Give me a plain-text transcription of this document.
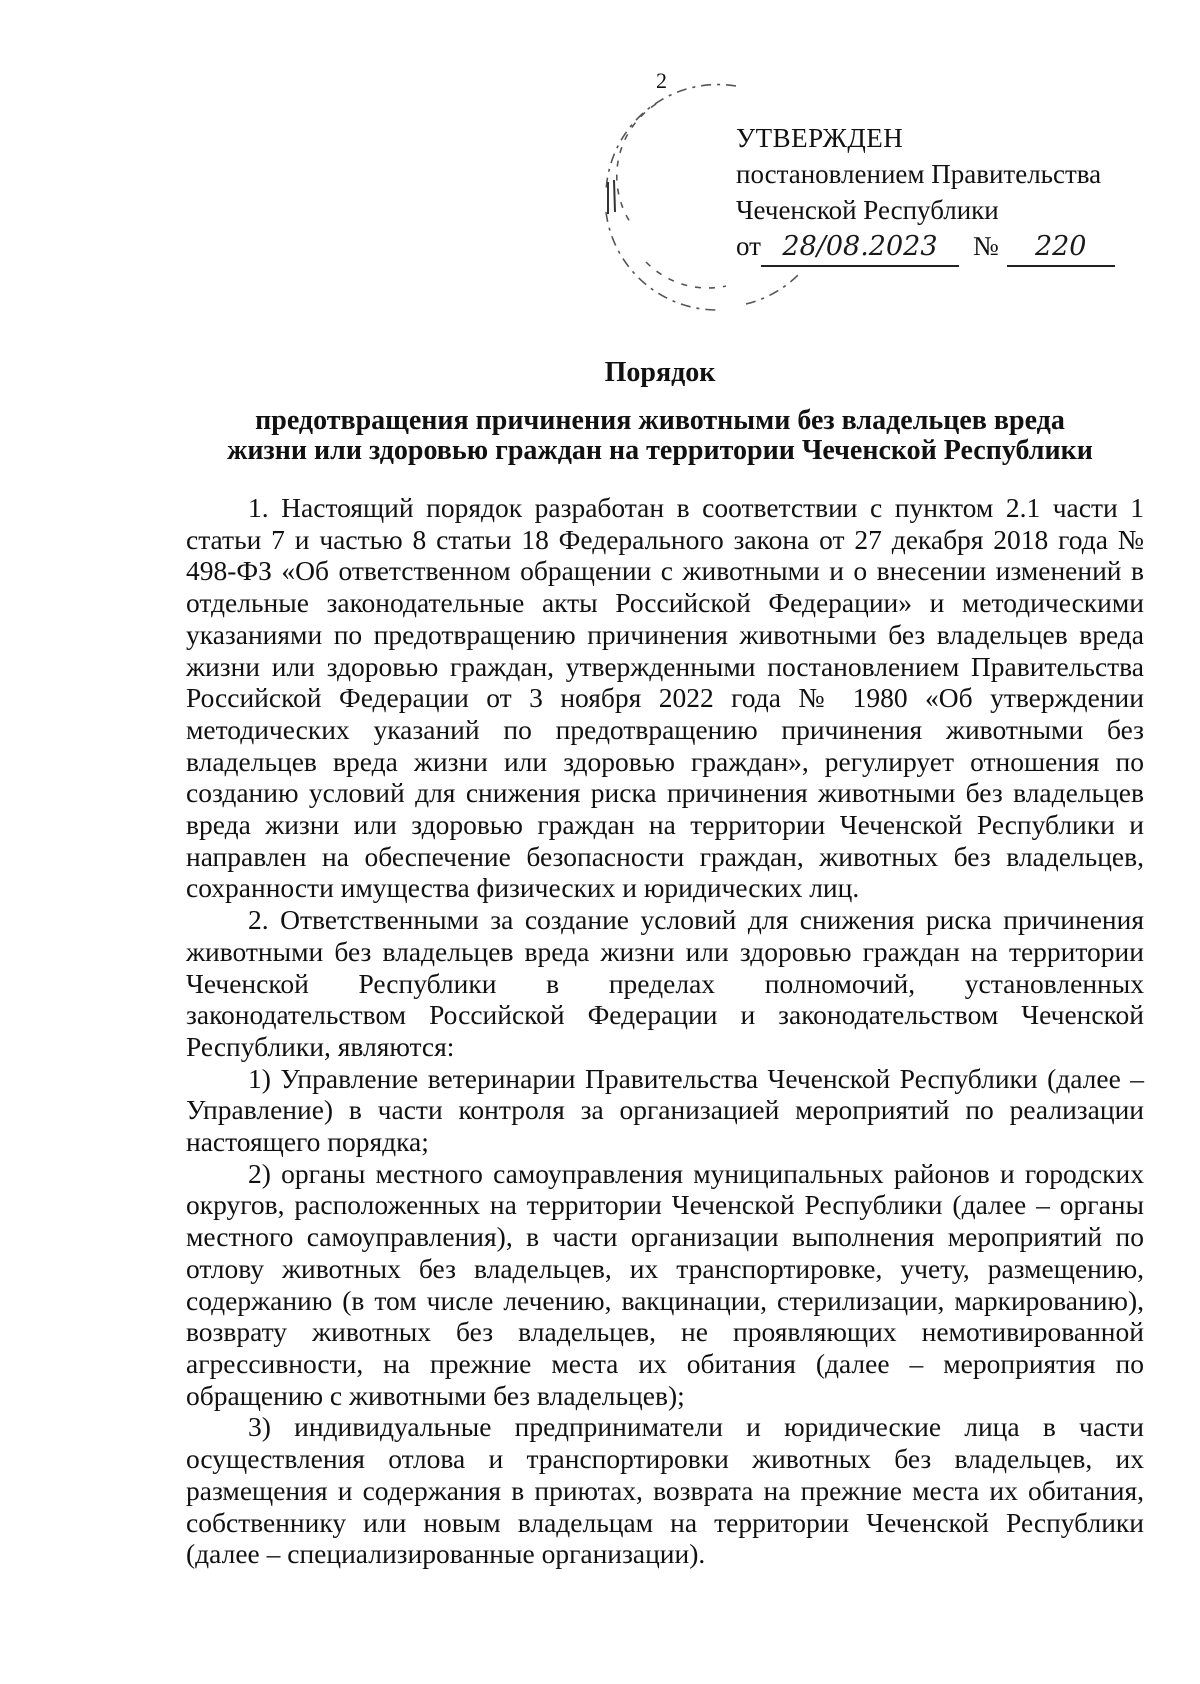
2
УТВЕРЖДЕН
постановлением Правительства
Чеченской Республики
от 28/08.2023	№	220
Порядок
предотвращения причинения животными без владельцев вреда
жизни или здоровью граждан на территории Чеченской Республики

1. Настоящий порядок разработан в соответствии с пунктом 2.1 части 1 статьи 7 и частью 8 статьи 18 Федерального закона от 27 декабря 2018 года № 498-ФЗ «Об ответственном обращении с животными и о внесении изменений в отдельные законодательные акты Российской Федерации» и методическими указаниями по предотвращению причинения животными без владельцев вреда жизни или здоровью граждан, утвержденными постановлением Правительства Российской Федерации от 3 ноября 2022 года № 1980 «Об утверждении методических указаний по предотвращению причинения животными без владельцев вреда жизни или здоровью граждан», регулирует отношения по созданию условий для снижения риска причинения животными без владельцев вреда жизни или здоровью граждан на территории Чеченской Республики и направлен на обеспечение безопасности граждан, животных без владельцев, сохранности имущества физических и юридических лиц.

2. Ответственными за создание условий для снижения риска причинения животными без владельцев вреда жизни или здоровью граждан на территории Чеченской Республики в пределах полномочий, установленных законодательством Российской Федерации и законодательством Чеченской Республики, являются:

1) Управление ветеринарии Правительства Чеченской Республики (далее – Управление) в части контроля за организацией мероприятий по реализации настоящего порядка;

2) органы местного самоуправления муниципальных районов и городских округов, расположенных на территории Чеченской Республики (далее – органы местного самоуправления), в части организации выполнения мероприятий по отлову животных без владельцев, их транспортировке, учету, размещению, содержанию (в том числе лечению, вакцинации, стерилизации, маркированию), возврату животных без владельцев, не проявляющих немотивированной агрессивности, на прежние места их обитания (далее – мероприятия по обращению с животными без владельцев);

3) индивидуальные предприниматели и юридические лица в части осуществления отлова и транспортировки животных без владельцев, их размещения и содержания в приютах, возврата на прежние места их обитания, собственнику или новым владельцам на территории Чеченской Республики (далее – специализированные организации).
